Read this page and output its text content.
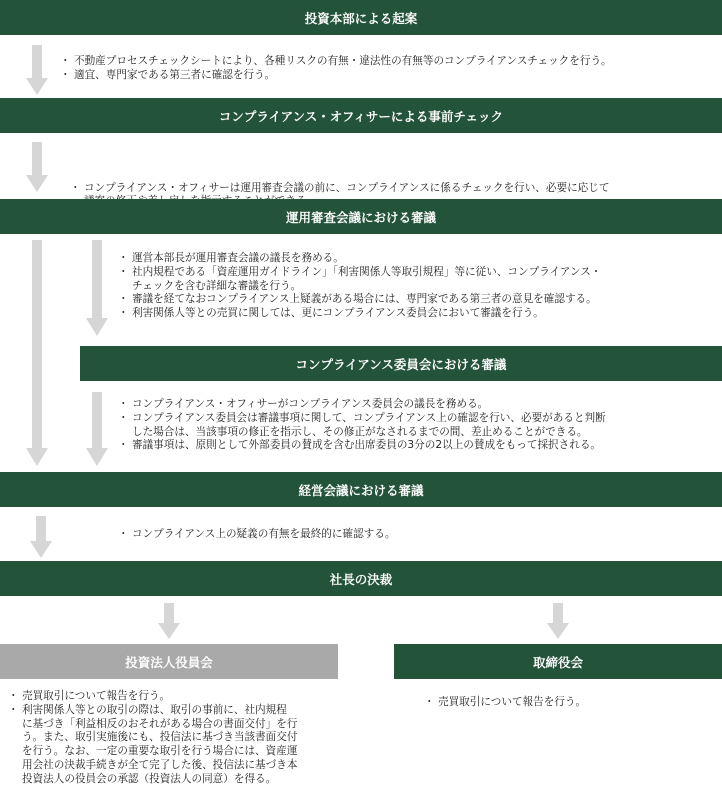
投資本部による起案
・ 不動産プロセスチェックシートにより、各種リスクの有無・違法性の有無等のコンプライアンスチェックを行う。
・ 適宜、専門家である第三者に確認を行う。
コンプライアンス・オフィサーによる事前チェック

・ コンプライアンス・オフィサーは運用審査会議の前に、コンプライアンスに係るチェックを行い、必要に応じて

運用審査会議における審議
・ 運営本部長が運用審査会議の議長を務める。
・ 社内規程である「資産運用ガイドライン」「利害関係人等取引規程」等に従い、コンプライアンス・
チェックを含む詳細な審議を行う。
・ 審議を経てなおコンプライアンス上疑義がある場合には、専門家である第三者の意見を確認する。
・ 利害関係人等との売買に関しては、更にコンプライアンス委員会において審議を行う。
コンプライアンス委員会における審議
・ コンプライアンス・オフィサーがコンプライアンス委員会の議長を務める。
・ コンプライアンス委員会は審議事項に関して、コンプライアンス上の確認を行い、必要があると判断
した場合は、当該事項の修正を指示し、その修正がなされるまでの間、差止めることができる。
・ 審議事項は、原則として外部委員の賛成を含む出席委員の3分の2以上の賛成をもって採択される。
経営会議における審議
・ コンプライアンス上の疑義の有無を最終的に確認する。
社長の決裁
投資法人役員会
・ 売買取引について報告を行う。
・ 利害関係人等との取引の際は、取引の事前に、社内規程
に基づき「利益相反のおそれがある場合の書面交付」を行
う。また、取引実施後にも、投信法に基づき当該書面交付
を行う。なお、一定の重要な取引を行う場合には、資産運
用会社の決裁手続きが全て完了した後、投信法に基づき本
投資法人の役員会の承認（投資法人の同意）を得る。
取締役会
・ 売買取引について報告を行う。
